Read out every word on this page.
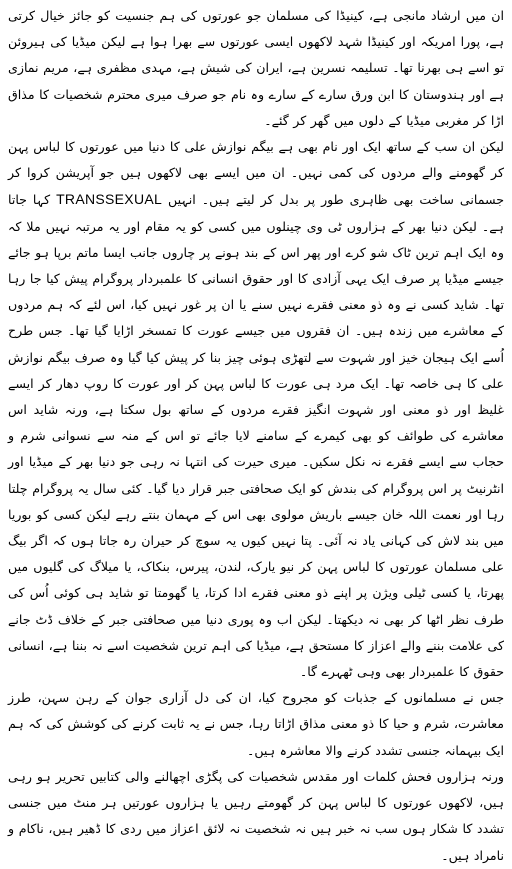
ان میں ارشاد مانجی ہے، کینیڈا کی مسلمان جو عورتوں کی ہم جنسیت کو جائز خیال کرتی ہے، پورا امریکہ اور کینیڈا شہد لاکھوں ایسی عورتوں سے بھرا ہوا ہے لیکن میڈیا کی ہیروئن تو اسے ہی بھرنا تھا۔ تسلیمہ نسرین ہے، ایران کی شیش ہے، مہدی مظفری ہے، مریم نمازی ہے اور ہندوستان کا ابن ورق سارے کے سارے وہ نام جو صرف میری محترم شخصیات کا مذاق اڑا کر مغربی میڈیا کے دلوں میں گھر کر گئے۔

لیکن ان سب کے ساتھ ایک اور نام بھی ہے بیگم نوازش علی کا دنیا میں عورتوں کا لباس پہن کر گھومنے والے مردوں کی کمی نہیں۔ ان میں ایسے بھی لاکھوں ہیں جو آپریشن کروا کر جسمانی ساخت بھی ظاہری طور پر بدل کر لیتے ہیں۔ انہیں TRANSSEXUAL کہا جاتا ہے۔ لیکن دنیا بھر کے ہزاروں ٹی وی چینلوں میں کسی کو یہ مقام اور یہ مرتبہ نہیں ملا کہ وہ ایک اہم ترین ٹاک شو کرے اور پھر اس کے بند ہونے پر چاروں جانب ایسا ماتم برپا ہو جائے جیسے میڈیا پر صرف ایک یہی آزادی کا اور حقوق انسانی کا علمبردار پروگرام پیش کیا جا رہا تھا۔ شاید کسی نے وہ ذو معنی فقرے نہیں سنے یا ان پر غور نہیں کیا، اس لئے کہ ہم مردوں کے معاشرے میں زندہ ہیں۔ ان فقروں میں جیسے عورت کا تمسخر اڑایا گیا تھا۔ جس طرح اُسے ایک ہیجان خیز اور شہوت سے لتھڑی ہوئی چیز بنا کر پیش کیا گیا وہ صرف بیگم نوازش علی کا ہی خاصہ تھا۔ ایک مرد ہی عورت کا لباس پہن کر اور عورت کا روپ دھار کر ایسے غلیظ اور ذو معنی اور شہوت انگیز فقرے مردوں کے ساتھ بول سکتا ہے، ورنہ شاید اس معاشرے کی طوائف کو بھی کیمرے کے سامنے لایا جائے تو اس کے منہ سے نسوانی شرم و حجاب سے ایسے فقرے نہ نکل سکیں۔ میری حیرت کی انتہا نہ رہی جو دنیا بھر کے میڈیا اور انٹرنیٹ پر اس پروگرام کی بندش کو ایک صحافتی جبر قرار دیا گیا۔ کئی سال یہ پروگرام چلتا رہا اور نعمت اللہ خان جیسے باریش مولوی بھی اس کے مہمان بنتے رہے لیکن کسی کو بوریا میں بند لاش کی کہانی یاد نہ آئی۔ پتا نہیں کیوں یہ سوچ کر حیران رہ جاتا ہوں کہ اگر بیگ علی مسلمان عورتوں کا لباس پہن کر نیو یارک، لندن، پیرس، بنکاک، یا میلاگ کی گلیوں میں پھرتا، یا کسی ٹیلی ویژن پر اپنے ذو معنی فقرے ادا کرتا، یا گھومتا تو شاید ہی کوئی اُس کی طرف نظر اٹھا کر بھی نہ دیکھتا۔ لیکن اب وہ پوری دنیا میں صحافتی جبر کے خلاف ڈٹ جانے کی علامت بننے والے اعزاز کا مستحق ہے، میڈیا کی اہم ترین شخصیت اسے نہ بننا ہے، انسانی حقوق کا علمبردار بھی وہی ٹھہرے گا۔

جس نے مسلمانوں کے جذبات کو مجروح کیا، ان کی دل آزاری جوان کے رہن سہن، طرز معاشرت، شرم و حیا کا ذو معنی مذاق اڑاتا رہا، جس نے یہ ثابت کرنے کی کوشش کی کہ ہم ایک بیہمانہ جنسی تشدد کرنے والا معاشرہ ہیں۔

ورنہ ہزاروں فحش کلمات اور مقدس شخصیات کی پگڑی اچھالنے والی کتابیں تحریر ہو رہی ہیں، لاکھوں عورتوں کا لباس پہن کر گھومتے رہیں یا ہزاروں عورتیں ہر منٹ میں جنسی تشدد کا شکار ہوں سب نہ خبر ہیں نہ شخصیت نہ لائق اعزاز میں ردی کا ڈھیر ہیں، ناکام و نامراد ہیں۔
